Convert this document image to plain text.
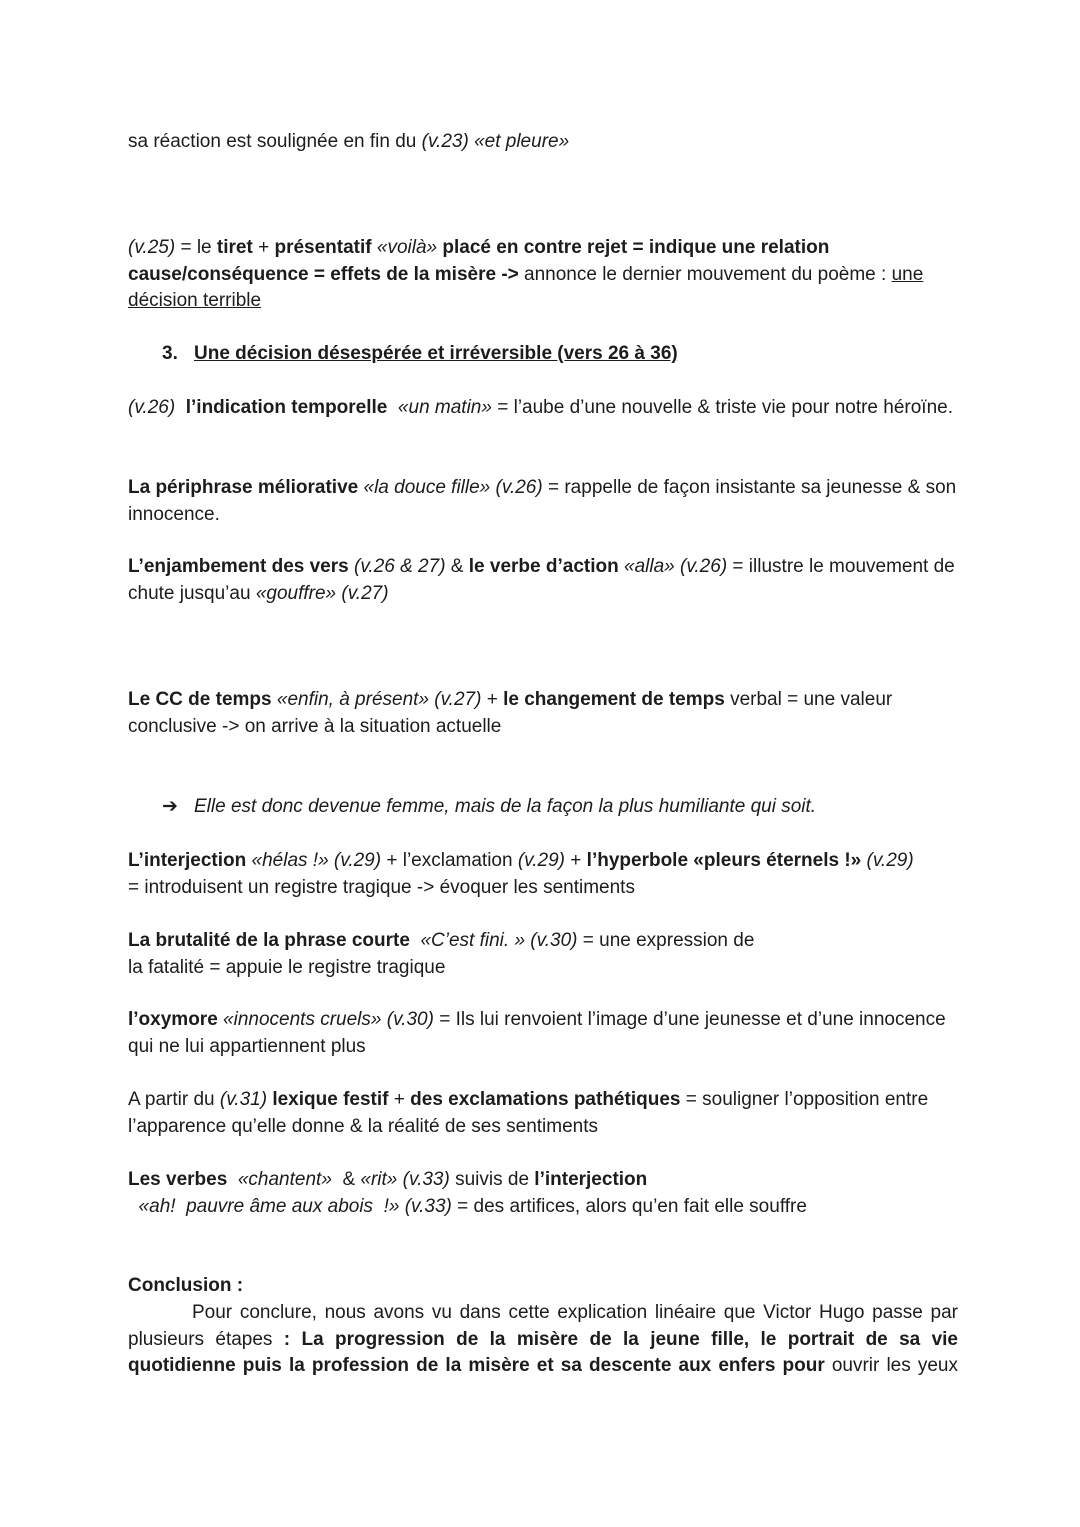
sa réaction est soulignée en fin du (v.23) «et pleure»

(v.25) = le tiret + présentatif «voilà» placé en contre rejet = indique une relation cause/conséquence = effets de la misère -> annonce le dernier mouvement du poème : une décision terrible

3. Une décision désespérée et irréversible (vers 26 à 36)

(v.26)  l’indication temporelle  «un matin» = l’aube d’une nouvelle & triste vie pour notre héroïne.

La périphrase méliorative «la douce fille» (v.26) = rappelle de façon insistante sa jeunesse & son innocence.

L’enjambement des vers (v.26 & 27) & le verbe d’action «alla» (v.26) = illustre le mouvement de chute jusqu’au «gouffre» (v.27)

Le CC de temps «enfin, à présent» (v.27) + le changement de temps verbal = une valeur conclusive -> on arrive à la situation actuelle

➔ Elle est donc devenue femme, mais de la façon la plus humiliante qui soit.

L’interjection «hélas !» (v.29) + l’exclamation (v.29) + l’hyperbole «pleurs éternels !» (v.29)
= introduisent un registre tragique -> évoquer les sentiments

La brutalité de la phrase courte  «C’est fini. » (v.30) = une expression de
la fatalité = appuie le registre tragique

l’oxymore «innocents cruels» (v.30) = Ils lui renvoient l’image d’une jeunesse et d’une innocence qui ne lui appartiennent plus

A partir du (v.31) lexique festif + des exclamations pathétiques = souligner l’opposition entre l’apparence qu’elle donne & la réalité de ses sentiments

Les verbes  «chantent»  & «rit» (v.33) suivis de l’interjection  «ah!  pauvre âme aux abois  !» (v.33) = des artifices, alors qu’en fait elle souffre

Conclusion :

Pour conclure, nous avons vu dans cette explication linéaire que Victor Hugo passe par plusieurs étapes : La progression de la misère de la jeune fille, le portrait de sa vie quotidienne puis la profession de la misère et sa descente aux enfers pour ouvrir les yeux
